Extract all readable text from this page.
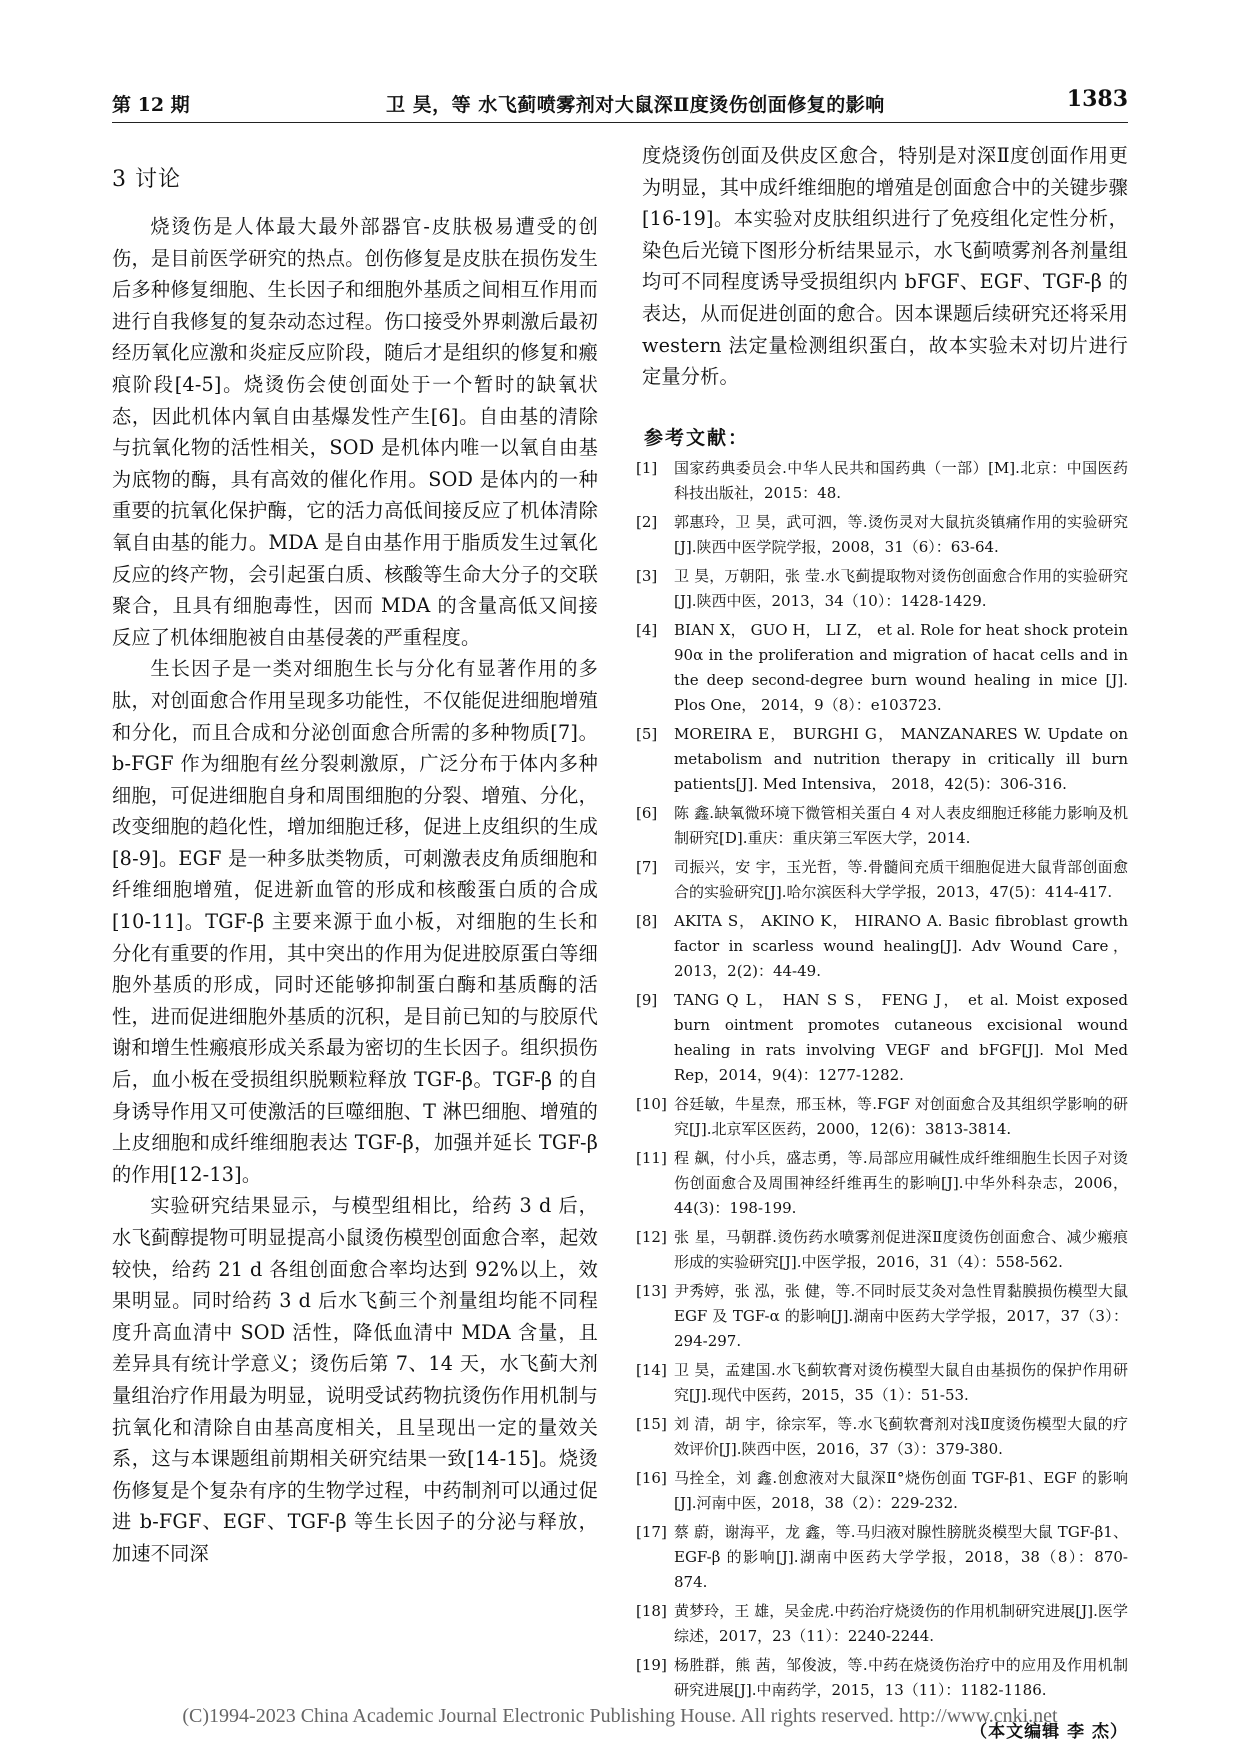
第 12 期	卫 昊，等 水飞蓟喷雾剂对大鼠深Ⅱ度烫伤创面修复的影响	1383
3 讨论

烧烫伤是人体最大最外部器官-皮肤极易遭受的创伤，是目前医学研究的热点。创伤修复是皮肤在损伤发生后多种修复细胞、生长因子和细胞外基质之间相互作用而进行自我修复的复杂动态过程。伤口接受外界刺激后最初经历氧化应激和炎症反应阶段，随后才是组织的修复和瘢痕阶段[4-5]。烧烫伤会使创面处于一个暂时的缺氧状态，因此机体内氧自由基爆发性产生[6]。自由基的清除与抗氧化物的活性相关，SOD 是机体内唯一以氧自由基为底物的酶，具有高效的催化作用。SOD 是体内的一种重要的抗氧化保护酶，它的活力高低间接反应了机体清除氧自由基的能力。MDA 是自由基作用于脂质发生过氧化反应的终产物，会引起蛋白质、核酸等生命大分子的交联聚合，且具有细胞毒性，因而 MDA 的含量高低又间接反应了机体细胞被自由基侵袭的严重程度。

生长因子是一类对细胞生长与分化有显著作用的多肽，对创面愈合作用呈现多功能性，不仅能促进细胞增殖和分化，而且合成和分泌创面愈合所需的多种物质[7]。b-FGF 作为细胞有丝分裂刺激原，广泛分布于体内多种细胞，可促进细胞自身和周围细胞的分裂、增殖、分化，改变细胞的趋化性，增加细胞迁移，促进上皮组织的生成[8-9]。EGF 是一种多肽类物质，可刺激表皮角质细胞和纤维细胞增殖，促进新血管的形成和核酸蛋白质的合成[10-11]。TGF-β 主要来源于血小板，对细胞的生长和分化有重要的作用，其中突出的作用为促进胶原蛋白等细胞外基质的形成，同时还能够抑制蛋白酶和基质酶的活性，进而促进细胞外基质的沉积，是目前已知的与胶原代谢和增生性瘢痕形成关系最为密切的生长因子。组织损伤后，血小板在受损组织脱颗粒释放 TGF-β。TGF-β 的自身诱导作用又可使激活的巨噬细胞、T 淋巴细胞、增殖的上皮细胞和成纤维细胞表达 TGF-β，加强并延长 TGF-β 的作用[12-13]。

实验研究结果显示，与模型组相比，给药 3 d 后，水飞蓟醇提物可明显提高小鼠烫伤模型创面愈合率，起效较快，给药 21 d 各组创面愈合率均达到 92%以上，效果明显。同时给药 3 d 后水飞蓟三个剂量组均能不同程度升高血清中 SOD 活性，降低血清中 MDA 含量，且差异具有统计学意义；烫伤后第 7、14 天，水飞蓟大剂量组治疗作用最为明显，说明受试药物抗烫伤作用机制与抗氧化和清除自由基高度相关，且呈现出一定的量效关系，这与本课题组前期相关研究结果一致[14-15]。烧烫伤修复是个复杂有序的生物学过程，中药制剂可以通过促进 b-FGF、EGF、TGF-β 等生长因子的分泌与释放，加速不同深

度烧烫伤创面及供皮区愈合，特别是对深Ⅱ度创面作用更为明显，其中成纤维细胞的增殖是创面愈合中的关键步骤[16-19]。本实验对皮肤组织进行了免疫组化定性分析，染色后光镜下图形分析结果显示，水飞蓟喷雾剂各剂量组均可不同程度诱导受损组织内 bFGF、EGF、TGF-β 的表达，从而促进创面的愈合。因本课题后续研究还将采用 western 法定量检测组织蛋白，故本实验未对切片进行定量分析。

参考文献：
[1]	国家药典委员会.中华人民共和国药典（一部）[M].北京：中国医药科技出版社，2015：48.
[2]	郭惠玲，卫 昊，武可泗，等.烫伤灵对大鼠抗炎镇痛作用的实验研究[J].陕西中医学院学报，2008，31（6）：63-64.
[3]	卫 昊，万朝阳，张 莹.水飞蓟提取物对烫伤创面愈合作用的实验研究[J].陕西中医，2013，34（10）：1428-1429.
[4]	BIAN X， GUO H， LI Z， et al. Role for heat shock protein 90α in the proliferation and migration of hacat cells and in the deep second-degree burn wound healing in mice [J]. Plos One， 2014，9（8）：e103723.
[5]	MOREIRA E， BURGHI G， MANZANARES W. Update on metabolism and nutrition therapy in critically ill burn patients[J]. Med Intensiva， 2018，42(5)：306-316.
[6]	陈 鑫.缺氧微环境下微管相关蛋白 4 对人表皮细胞迁移能力影响及机制研究[D].重庆：重庆第三军医大学，2014.
[7]	司振兴，安 宇，玉光哲，等.骨髓间充质干细胞促进大鼠背部创面愈合的实验研究[J].哈尔滨医科大学学报，2013，47(5)：414-417.
[8]	AKITA S， AKINO K， HIRANO A. Basic fibroblast growth factor in scarless wound healing[J]. Adv Wound Care，2013，2(2)：44-49.
[9]	TANG Q L， HAN S S， FENG J， et al. Moist exposed burn ointment promotes cutaneous excisional wound healing in rats involving VEGF and bFGF[J]. Mol Med Rep，2014，9(4)：1277-1282.
[10] 谷廷敏，牛星焘，邢玉林，等.FGF 对创面愈合及其组织学影响的研究[J].北京军区医药，2000，12(6)：3813-3814.
[11] 程 飙，付小兵，盛志勇，等.局部应用碱性成纤维细胞生长因子对烫伤创面愈合及周围神经纤维再生的影响[J].中华外科杂志，2006，44(3)：198-199.
[12] 张 星，马朝群.烫伤药水喷雾剂促进深Ⅱ度烫伤创面愈合、减少瘢痕形成的实验研究[J].中医学报，2016，31（4）：558-562.
[13] 尹秀婷，张 泓，张 健，等.不同时辰艾灸对急性胃黏膜损伤模型大鼠 EGF 及 TGF-α 的影响[J].湖南中医药大学学报，2017，37（3）：294-297.
[14] 卫 昊，孟建国.水飞蓟软膏对烫伤模型大鼠自由基损伤的保护作用研究[J].现代中医药，2015，35（1）：51-53.
[15] 刘 清，胡 宇，徐宗军，等.水飞蓟软膏剂对浅Ⅱ度烫伤模型大鼠的疗效评价[J].陕西中医，2016，37（3）：379-380.
[16] 马拴全，刘 鑫.创愈液对大鼠深Ⅱ°烧伤创面 TGF-β1、EGF 的影响[J].河南中医，2018，38（2）：229-232.
[17] 蔡 蔚，谢海平，龙 鑫，等.马归液对腺性膀胱炎模型大鼠 TGF-β1、EGF-β 的影响[J].湖南中医药大学学报，2018，38（8）：870-874.
[18] 黄梦玲，王 雄，吴金虎.中药治疗烧烫伤的作用机制研究进展[J].医学综述，2017，23（11）：2240-2244.
[19] 杨胜群，熊 茜，邹俊波，等.中药在烧烫伤治疗中的应用及作用机制研究进展[J].中南药学，2015，13（11）：1182-1186.
（本文编辑 李 杰）
(C)1994-2023 China Academic Journal Electronic Publishing House. All rights reserved. http://www.cnki.net
